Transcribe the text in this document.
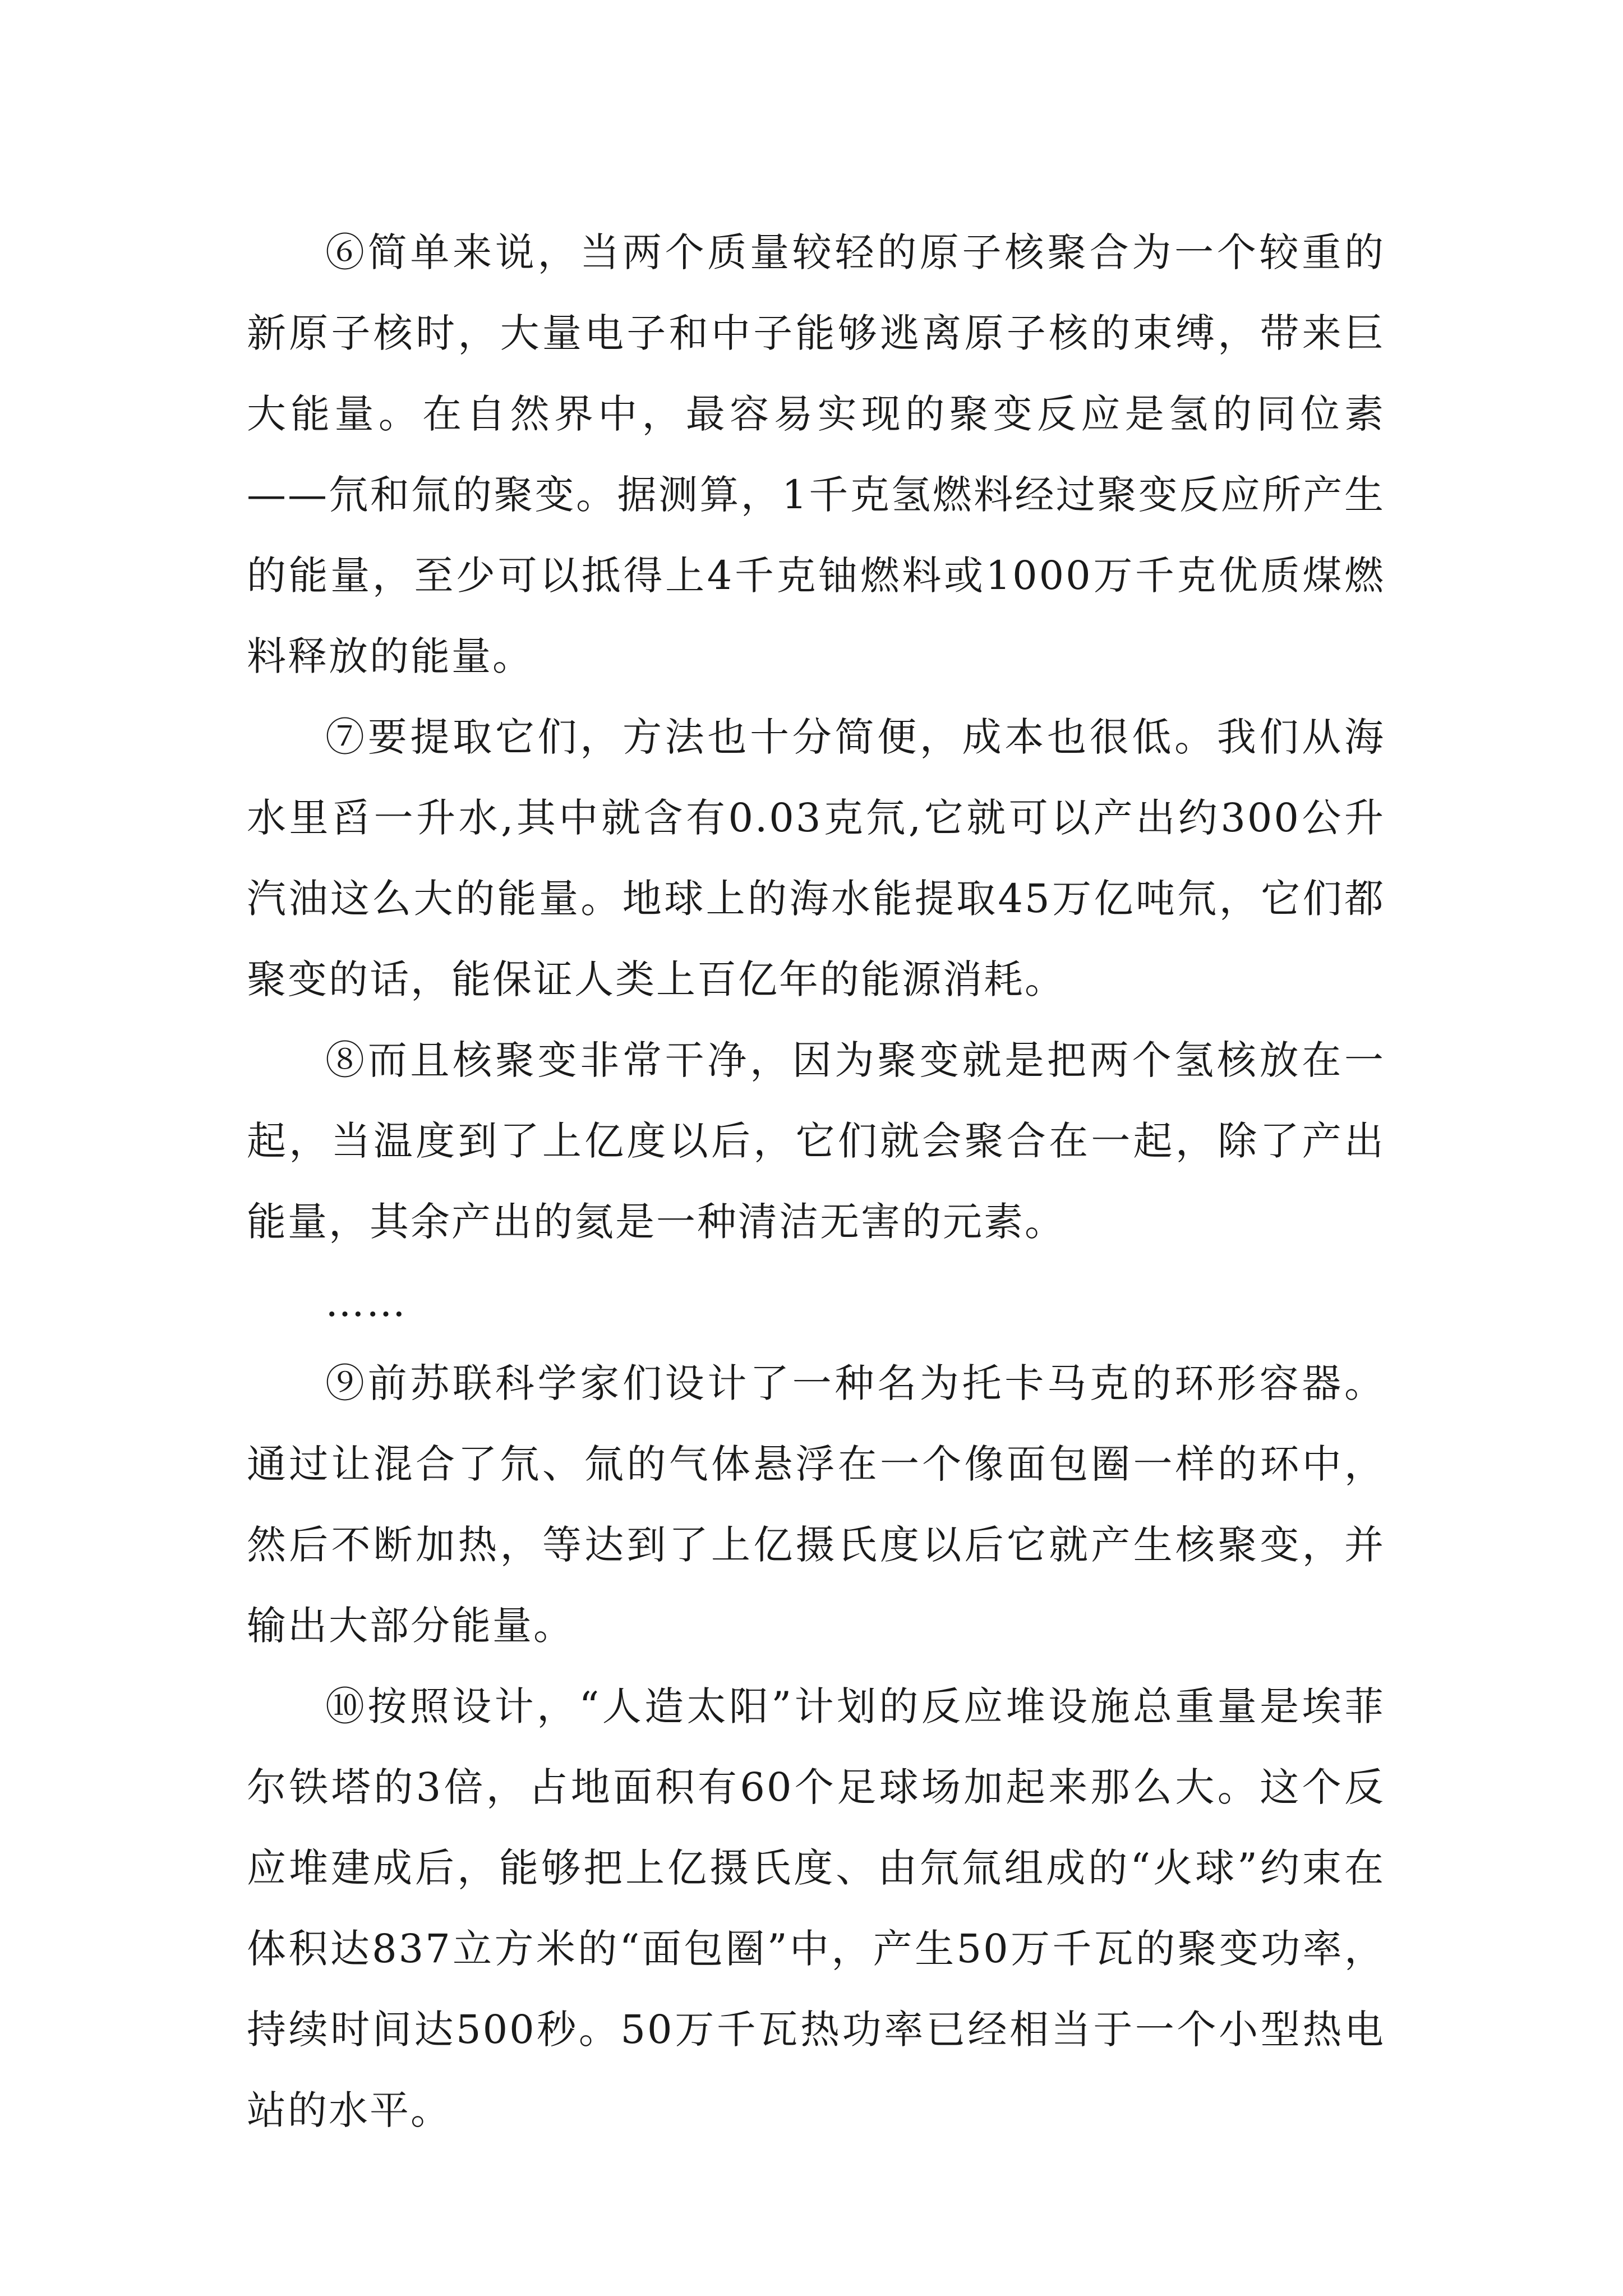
⑥简单来说，当两个质量较轻的原子核聚合为一个较重的新原子核时，大量电子和中子能够逃离原子核的束缚，带来巨大能量。在自然界中，最容易实现的聚变反应是氢的同位素——氘和氚的聚变。据测算，1千克氢燃料经过聚变反应所产生的能量，至少可以抵得上4千克铀燃料或1000万千克优质煤燃料释放的能量。

⑦要提取它们，方法也十分简便，成本也很低。我们从海水里舀一升水,其中就含有0.03克氘,它就可以产出约300公升汽油这么大的能量。地球上的海水能提取45万亿吨氘，它们都聚变的话，能保证人类上百亿年的能源消耗。

⑧而且核聚变非常干净，因为聚变就是把两个氢核放在一起，当温度到了上亿度以后，它们就会聚合在一起，除了产出能量，其余产出的氦是一种清洁无害的元素。

……

⑨前苏联科学家们设计了一种名为托卡马克的环形容器。通过让混合了氘、氚的气体悬浮在一个像面包圈一样的环中，然后不断加热，等达到了上亿摄氏度以后它就产生核聚变，并输出大部分能量。

⑩按照设计，“人造太阳”计划的反应堆设施总重量是埃菲尔铁塔的3倍，占地面积有60个足球场加起来那么大。这个反应堆建成后，能够把上亿摄氏度、由氘氚组成的“火球”约束在体积达837立方米的“面包圈”中，产生50万千瓦的聚变功率，持续时间达500秒。50万千瓦热功率已经相当于一个小型热电站的水平。
